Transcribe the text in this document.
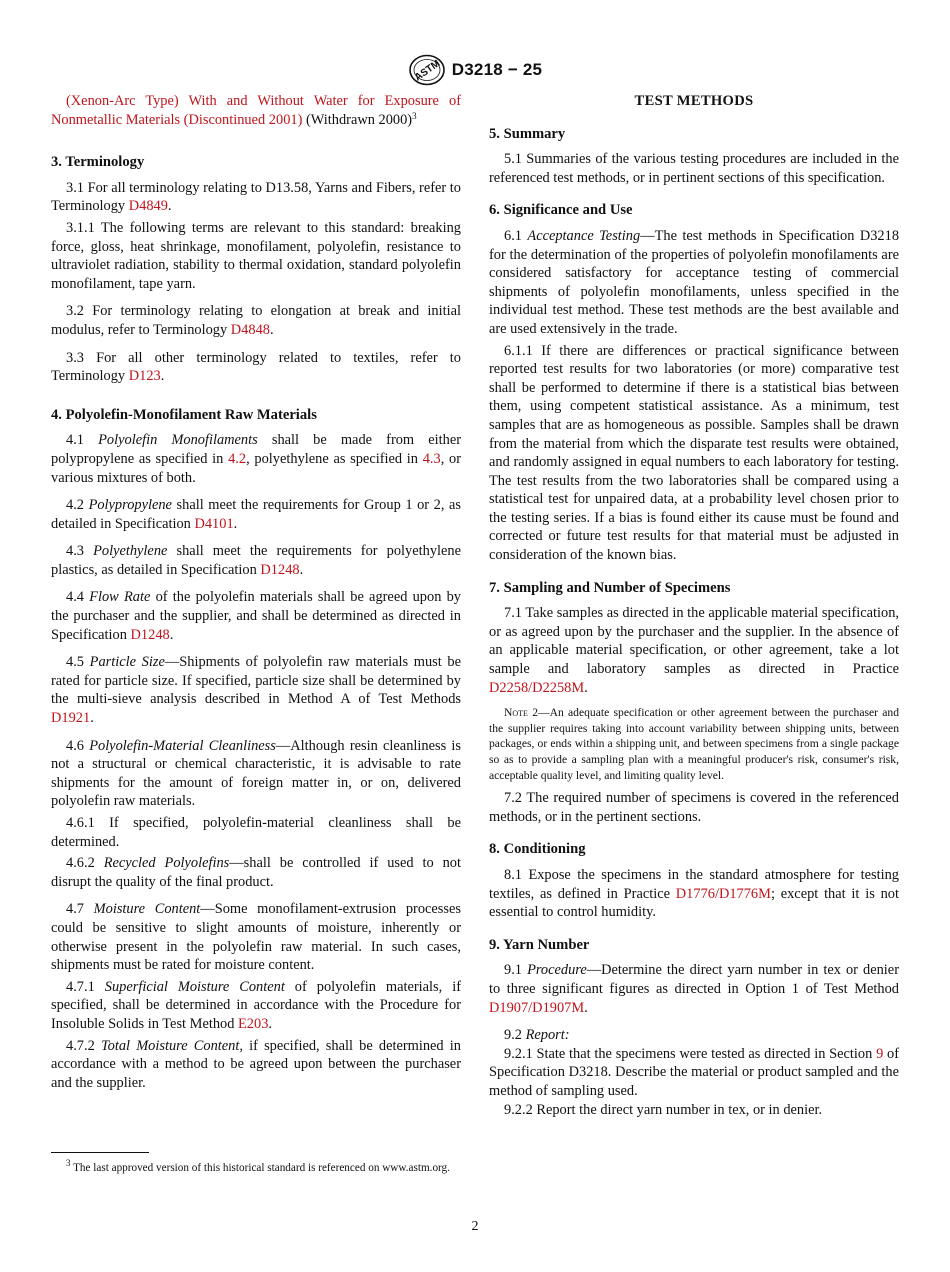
ASTM D3218 − 25

(Xenon-Arc Type) With and Without Water for Exposure of Nonmetallic Materials (Discontinued 2001) (Withdrawn 2000)$^3$

3. Terminology

3.1 For all terminology relating to D13.58, Yarns and Fibers, refer to Terminology D4849.

3.1.1 The following terms are relevant to this standard: breaking force, gloss, heat shrinkage, monofilament, polyolefin, resistance to ultraviolet radiation, stability to thermal oxidation, standard polyolefin monofilament, tape yarn.

3.2 For terminology relating to elongation at break and initial modulus, refer to Terminology D4848.

3.3 For all other terminology related to textiles, refer to Terminology D123.

4. Polyolefin-Monofilament Raw Materials

4.1 Polyolefin Monofilaments shall be made from either polypropylene as specified in 4.2, polyethylene as specified in 4.3, or various mixtures of both.

4.2 Polypropylene shall meet the requirements for Group 1 or 2, as detailed in Specification D4101.

4.3 Polyethylene shall meet the requirements for polyethylene plastics, as detailed in Specification D1248.

4.4 Flow Rate of the polyolefin materials shall be agreed upon by the purchaser and the supplier, and shall be determined as directed in Specification D1248.

4.5 Particle Size—Shipments of polyolefin raw materials must be rated for particle size. If specified, particle size shall be determined by the multi-sieve analysis described in Method A of Test Methods D1921.

4.6 Polyolefin-Material Cleanliness—Although resin cleanliness is not a structural or chemical characteristic, it is advisable to rate shipments for the amount of foreign matter in, or on, delivered polyolefin raw materials.

4.6.1 If specified, polyolefin-material cleanliness shall be determined.

4.6.2 Recycled Polyolefins—shall be controlled if used to not disrupt the quality of the final product.

4.7 Moisture Content—Some monofilament-extrusion processes could be sensitive to slight amounts of moisture, inherently or otherwise present in the polyolefin raw material. In such cases, shipments must be rated for moisture content.

4.7.1 Superficial Moisture Content of polyolefin materials, if specified, shall be determined in accordance with the Procedure for Insoluble Solids in Test Method E203.

4.7.2 Total Moisture Content, if specified, shall be determined in accordance with a method to be agreed upon between the purchaser and the supplier.

$^3$ The last approved version of this historical standard is referenced on www.astm.org.
TEST METHODS
5. Summary

5.1 Summaries of the various testing procedures are included in the referenced test methods, or in pertinent sections of this specification.

6. Significance and Use

6.1 Acceptance Testing—The test methods in Specification D3218 for the determination of the properties of polyolefin monofilaments are considered satisfactory for acceptance testing of commercial shipments of polyolefin monofilaments, unless specified in the individual test method. These test methods are the best available and are used extensively in the trade.

6.1.1 If there are differences or practical significance between reported test results for two laboratories (or more) comparative test shall be performed to determine if there is a statistical bias between them, using competent statistical assistance. As a minimum, test samples that are as homogeneous as possible. Samples shall be drawn from the material from which the disparate test results were obtained, and randomly assigned in equal numbers to each laboratory for testing. The test results from the two laboratories shall be compared using a statistical test for unpaired data, at a probability level chosen prior to the testing series. If a bias is found either its cause must be found and corrected or future test results for that material must be adjusted in consideration of the known bias.

7. Sampling and Number of Specimens

7.1 Take samples as directed in the applicable material specification, or as agreed upon by the purchaser and the supplier. In the absence of an applicable material specification, or other agreement, take a lot sample and laboratory samples as directed in Practice D2258/D2258M.

Note 2—An adequate specification or other agreement between the purchaser and the supplier requires taking into account variability between shipping units, between packages, or ends within a shipping unit, and between specimens from a single package so as to provide a sampling plan with a meaningful producer's risk, consumer's risk, acceptable quality level, and limiting quality level.

7.2 The required number of specimens is covered in the referenced methods, or in the pertinent sections.

8. Conditioning

8.1 Expose the specimens in the standard atmosphere for testing textiles, as defined in Practice D1776/D1776M; except that it is not essential to control humidity.

9. Yarn Number

9.1 Procedure—Determine the direct yarn number in tex or denier to three significant figures as directed in Option 1 of Test Method D1907/D1907M.

9.2 Report:

9.2.1 State that the specimens were tested as directed in Section 9 of Specification D3218. Describe the material or product sampled and the method of sampling used.

9.2.2 Report the direct yarn number in tex, or in denier.

2
